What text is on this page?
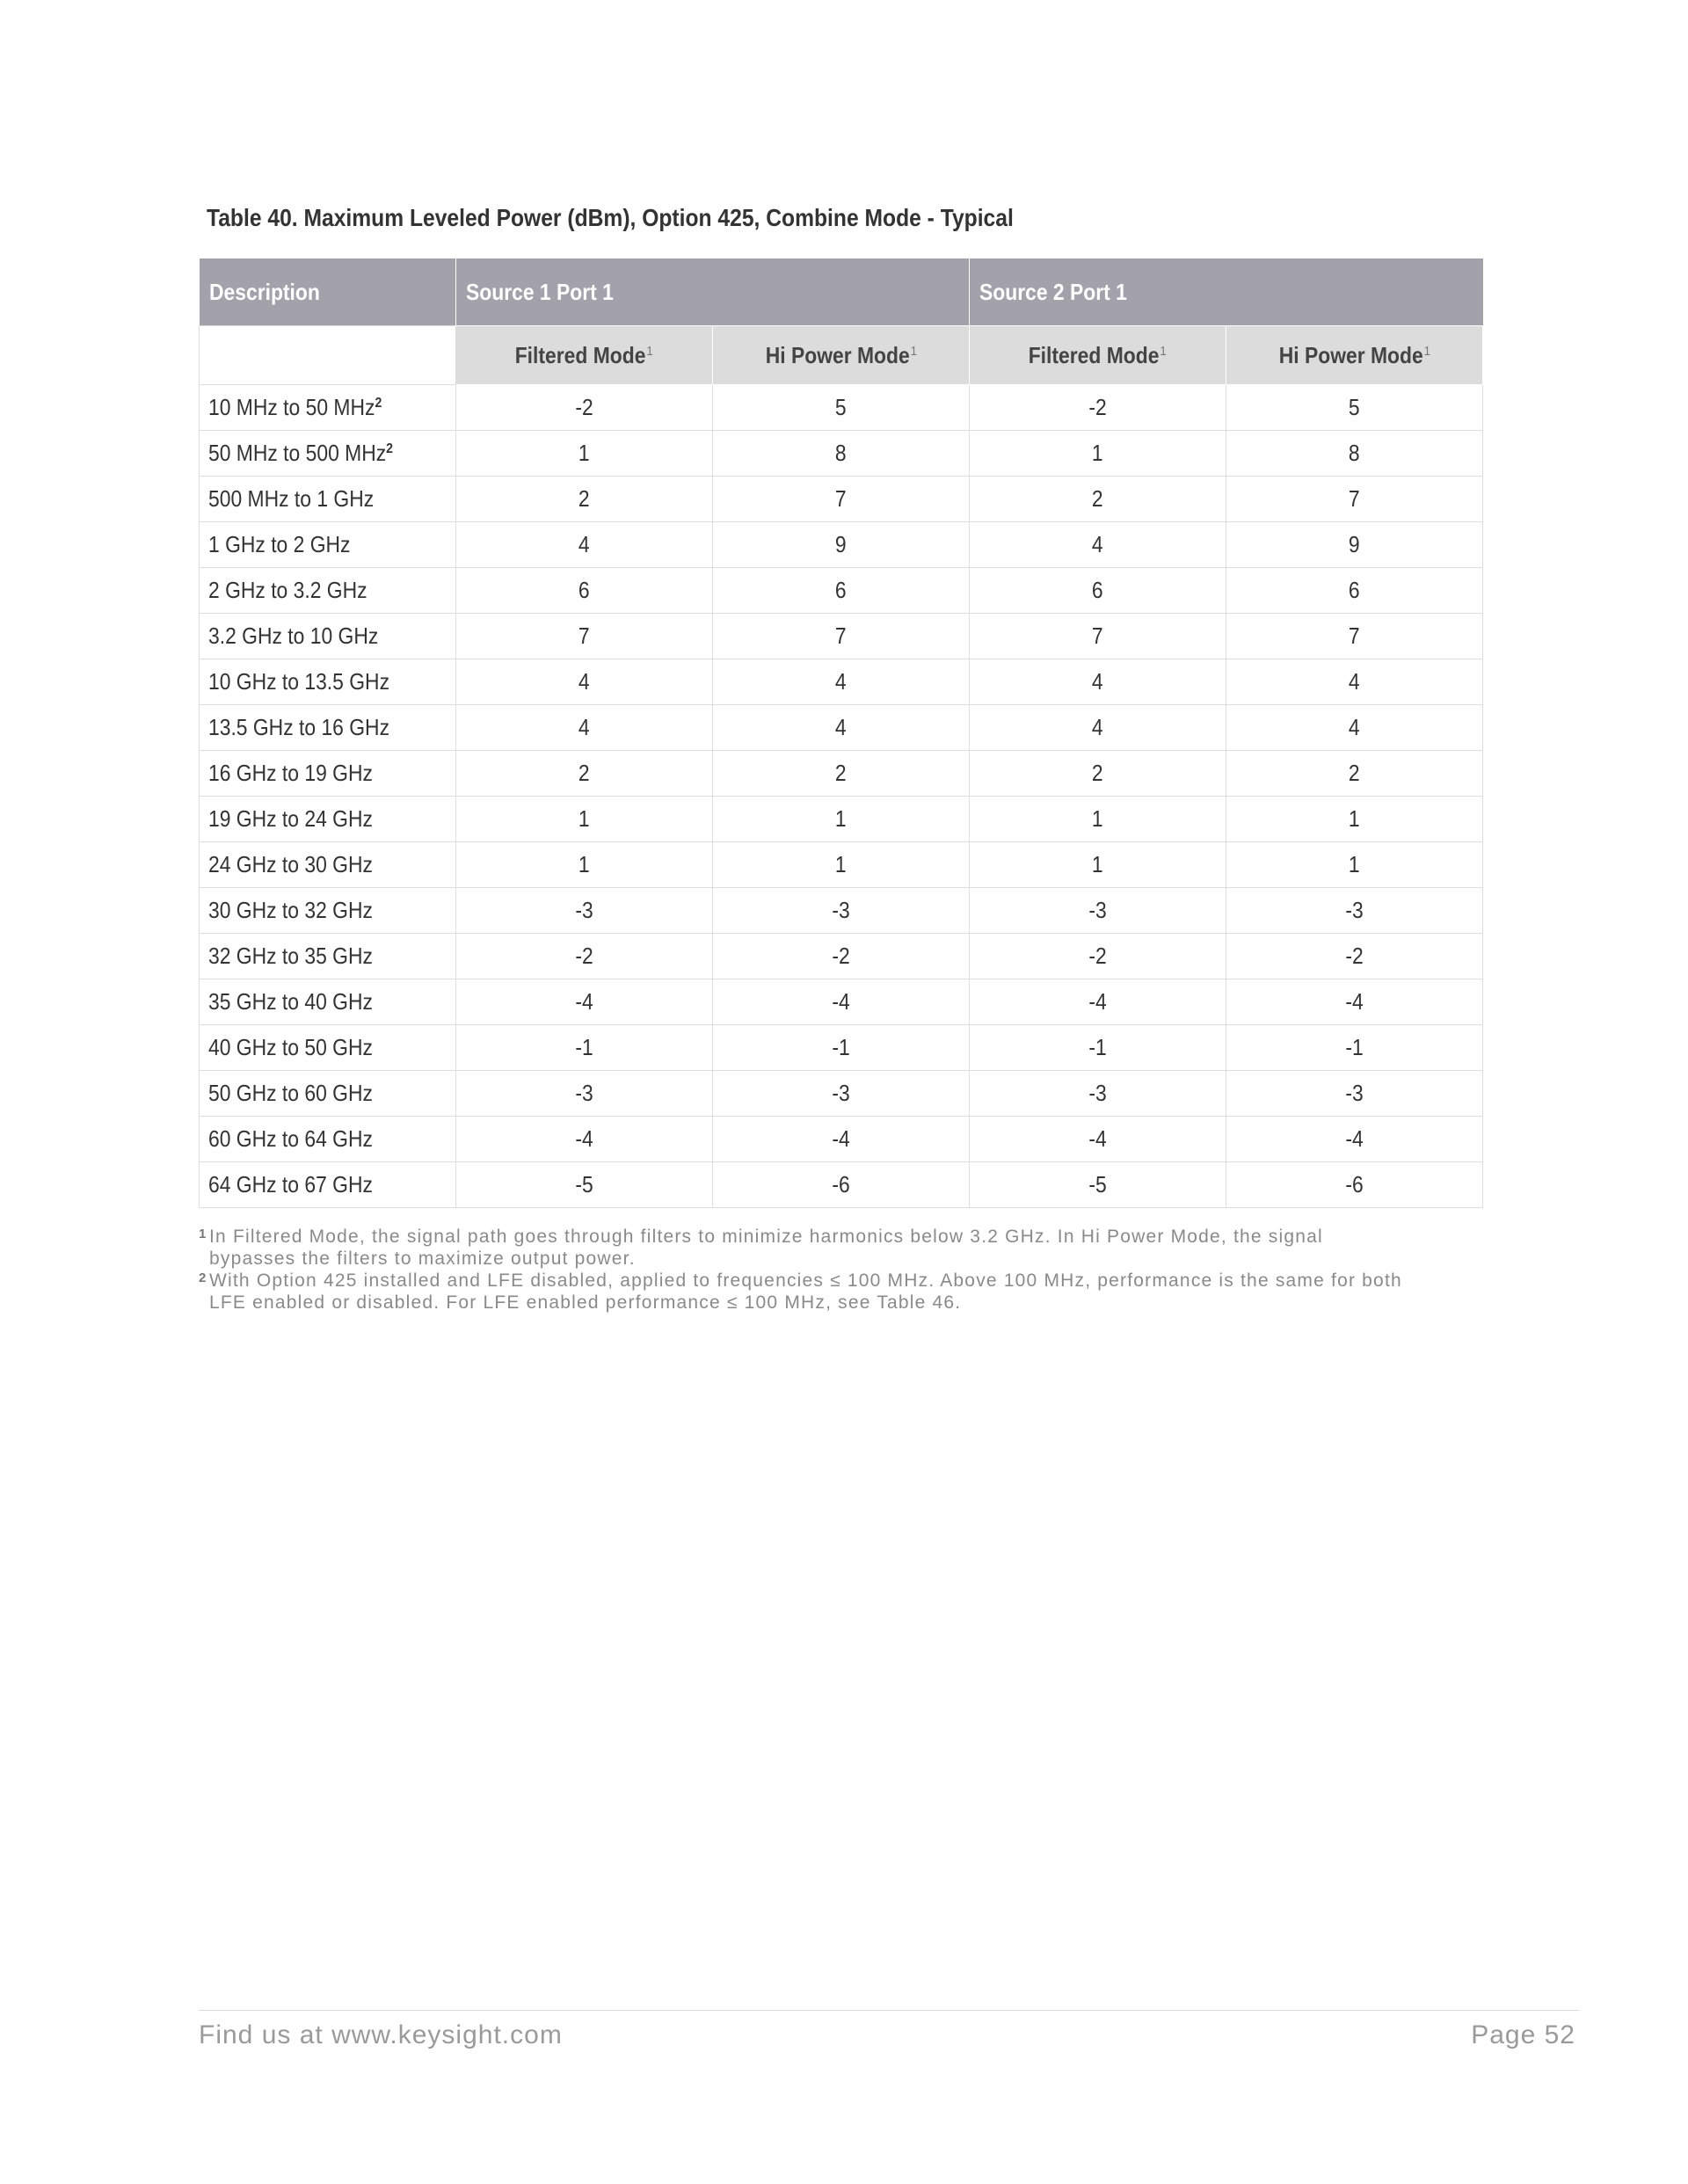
Table 40. Maximum Leveled Power (dBm), Option 425, Combine Mode - Typical
Description	Source 1 Port 1		Source 2 Port 1	
	Filtered Mode$^1$	Hi Power Mode$^1$	Filtered Mode$^1$	Hi Power Mode$^1$
10 MHz to 50 MHz$^2$	-2	5	-2	5
50 MHz to 500 MHz$^2$	1	8	1	8
500 MHz to 1 GHz	2	7	2	7
1 GHz to 2 GHz	4	9	4	9
2 GHz to 3.2 GHz	6	6	6	6
3.2 GHz to 10 GHz	7	7	7	7
10 GHz to 13.5 GHz	4	4	4	4
13.5 GHz to 16 GHz	4	4	4	4
16 GHz to 19 GHz	2	2	2	2
19 GHz to 24 GHz	1	1	1	1
24 GHz to 30 GHz	1	1	1	1
30 GHz to 32 GHz	-3	-3	-3	-3
32 GHz to 35 GHz	-2	-2	-2	-2
35 GHz to 40 GHz	-4	-4	-4	-4
40 GHz to 50 GHz	-1	-1	-1	-1
50 GHz to 60 GHz	-3	-3	-3	-3
60 GHz to 64 GHz	-4	-4	-4	-4
64 GHz to 67 GHz	-5	-6	-5	-6
1 In Filtered Mode, the signal path goes through filters to minimize harmonics below 3.2 GHz. In Hi Power Mode, the signal bypasses the filters to maximize output power.
2 With Option 425 installed and LFE disabled, applied to frequencies ≤ 100 MHz. Above 100 MHz, performance is the same for both LFE enabled or disabled. For LFE enabled performance ≤ 100 MHz, see Table 46.
Find us at www.keysight.com	Page 52
